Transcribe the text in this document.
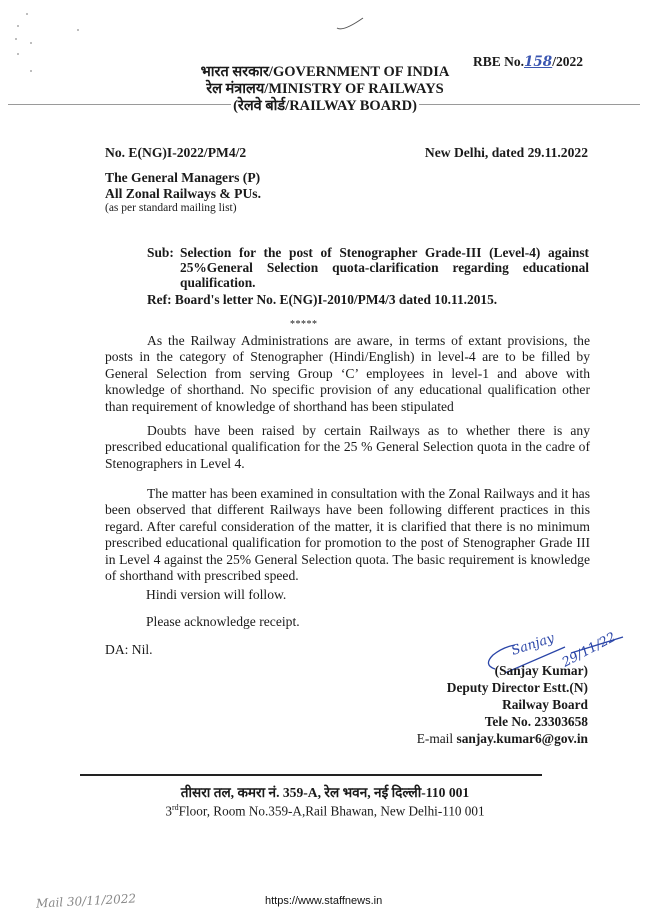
RBE No.158/2022
भारत सरकार/GOVERNMENT OF INDIA
रेल मंत्रालय/MINISTRY OF RAILWAYS
(रेलवे बोर्ड/RAILWAY BOARD)
No. E(NG)I-2022/PM4/2	New Delhi, dated 29.11.2022
The General Managers (P)
All Zonal Railways & PUs.
(as per standard mailing list)
Sub: Selection for the post of Stenographer Grade-III (Level-4) against 25%General Selection quota-clarification regarding educational qualification.
Ref: Board's letter No. E(NG)I-2010/PM4/3 dated 10.11.2015.
*****
As the Railway Administrations are aware, in terms of extant provisions, the posts in the category of Stenographer (Hindi/English) in level-4 are to be filled by General Selection from serving Group ‘C’ employees in level-1 and above with knowledge of shorthand. No specific provision of any educational qualification other than requirement of knowledge of shorthand has been stipulated
Doubts have been raised by certain Railways as to whether there is any prescribed educational qualification for the 25 % General Selection quota in the cadre of Stenographers in Level 4.
The matter has been examined in consultation with the Zonal Railways and it has been observed that different Railways have been following different practices in this regard. After careful consideration of the matter, it is clarified that there is no minimum prescribed educational qualification for promotion to the post of Stenographer Grade III in Level 4 against the 25% General Selection quota. The basic requirement is knowledge of shorthand with prescribed speed.
Hindi version will follow.
Please acknowledge receipt.
DA: Nil.	Sanjay 29/11/22
(Sanjay Kumar)
Deputy Director Estt.(N)
Railway Board
Tele No. 23303658
E-mail sanjay.kumar6@gov.in
तीसरा तल, कमरा नं. 359-A, रेल भवन, नई दिल्ली-110 001
3rdFloor, Room No.359-A,Rail Bhawan, New Delhi-110 001
Mail 30/11/2022	https://www.staffnews.in
